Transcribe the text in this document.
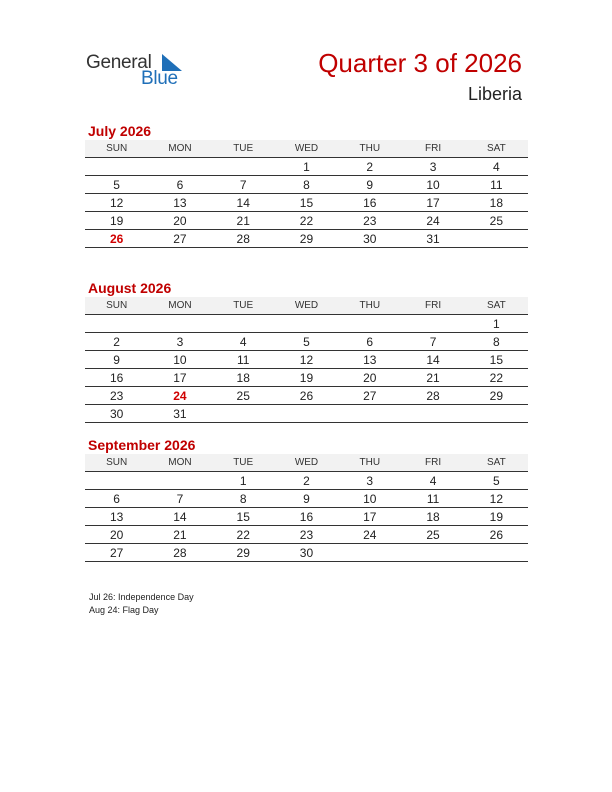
General
Blue
Quarter 3 of 2026
Liberia
July 2026
SUN	MON	TUE	WED	THU	FRI	SAT
			1	2	3	4
5	6	7	8	9	10	11
12	13	14	15	16	17	18
19	20	21	22	23	24	25
26	27	28	29	30	31	
August 2026
SUN	MON	TUE	WED	THU	FRI	SAT
						1
2	3	4	5	6	7	8
9	10	11	12	13	14	15
16	17	18	19	20	21	22
23	24	25	26	27	28	29
30	31					
September 2026
SUN	MON	TUE	WED	THU	FRI	SAT
		1	2	3	4	5
6	7	8	9	10	11	12
13	14	15	16	17	18	19
20	21	22	23	24	25	26
27	28	29	30			
Jul 26: Independence Day
Aug 24: Flag Day
